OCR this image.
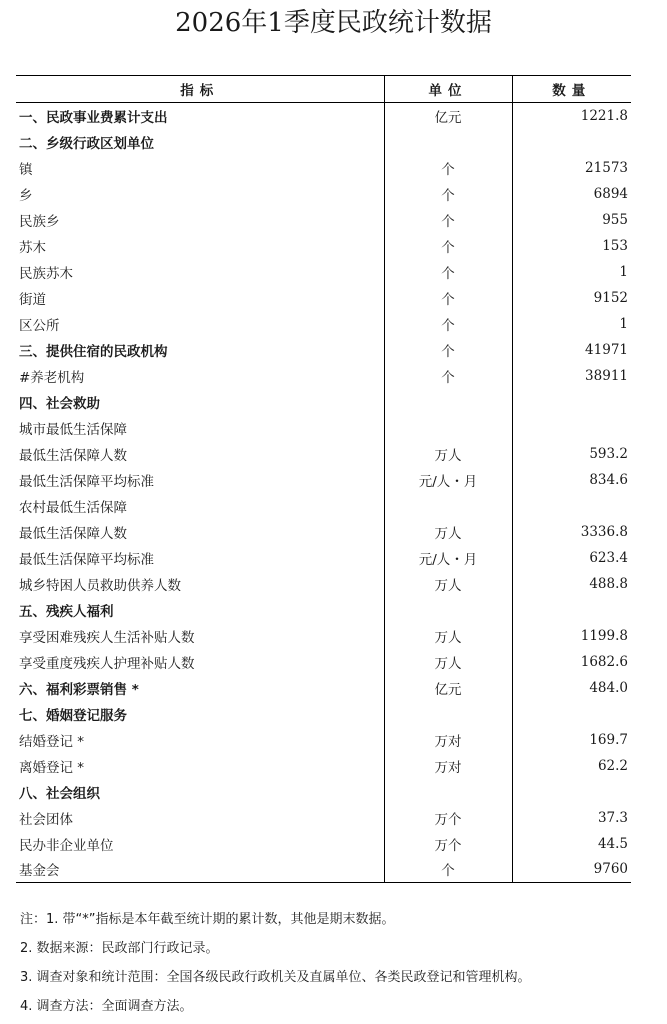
2026年1季度民政统计数据
指标	单位	数量
一、民政事业费累计支出	亿元	1221.8
二、乡级行政区划单位		
镇	个	21573
乡	个	6894
民族乡	个	955
苏木	个	153
民族苏木	个	1
街道	个	9152
区公所	个	1
三、提供住宿的民政机构	个	41971
#养老机构	个	38911
四、社会救助		
城市最低生活保障		
最低生活保障人数	万人	593.2
最低生活保障平均标准	元/人・月	834.6
农村最低生活保障		
最低生活保障人数	万人	3336.8
最低生活保障平均标准	元/人・月	623.4
城乡特困人员救助供养人数	万人	488.8
五、残疾人福利		
享受困难残疾人生活补贴人数	万人	1199.8
享受重度残疾人护理补贴人数	万人	1682.6
六、福利彩票销售 *	亿元	484.0
七、婚姻登记服务		
结婚登记 *	万对	169.7
离婚登记 *	万对	62.2
八、社会组织		
社会团体	万个	37.3
民办非企业单位	万个	44.5
基金会	个	9760
注：1. 带“*”指标是本年截至统计期的累计数，其他是期末数据。
2. 数据来源：民政部门行政记录。
3. 调查对象和统计范围：全国各级民政行政机关及直属单位、各类民政登记和管理机构。
4. 调查方法：全面调查方法。
